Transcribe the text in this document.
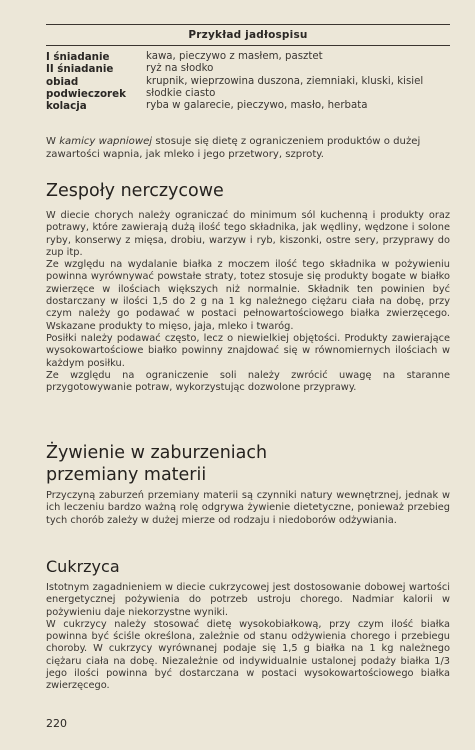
Przykład jadłospisu
I śniadanie	kawa, pieczywo z masłem, pasztet
II śniadanie	ryż na słodko
obiad	krupnik, wieprzowina duszona, ziemniaki, kluski, kisiel
podwieczorek	słodkie ciasto
kolacja	ryba w galarecie, pieczywo, masło, herbata
W kamicy wapniowej stosuje się dietę z ograniczeniem produktów o dużej zawartości wapnia, jak mleko i jego przetwory, szproty.
Zespoły nerczycowe

W diecie chorych należy ograniczać do minimum sól kuchenną i produkty oraz potrawy, które zawierają dużą ilość tego składnika, jak wędliny, wędzone i solone ryby, konserwy z mięsa, drobiu, warzyw i ryb, kiszonki, ostre sery, przyprawy do zup itp.

Ze względu na wydalanie białka z moczem ilość tego składnika w pożywieniu powinna wyrównywać powstałe straty, totez stosuje się produkty bogate w białko zwierzęce w ilościach większych niż normalnie. Składnik ten powinien być dostarczany w ilości 1,5 do 2 g na 1 kg należnego ciężaru ciała na dobę, przy czym należy go podawać w postaci pełnowartościowego białka zwierzęcego. Wskazane produkty to mięso, jaja, mleko i twaróg.

Posiłki należy podawać często, lecz o niewielkiej objętości. Produkty zawierające wysokowartościowe białko powinny znajdować się w równomiernych ilościach w każdym posiłku.

Ze względu na ograniczenie soli należy zwrócić uwagę na staranne przygotowywanie potraw, wykorzystując dozwolone przyprawy.

Żywienie w zaburzeniach
przemiany materii

Przyczyną zaburzeń przemiany materii są czynniki natury wewnętrznej, jednak w ich leczeniu bardzo ważną rolę odgrywa żywienie dietetyczne, ponieważ przebieg tych chorób zależy w dużej mierze od rodzaju i niedoborów odżywiania.

Cukrzyca

Istotnym zagadnieniem w diecie cukrzycowej jest dostosowanie dobowej wartości energetycznej pożywienia do potrzeb ustroju chorego. Nadmiar kalorii w pożywieniu daje niekorzystne wyniki.

W cukrzycy należy stosować dietę wysokobiałkową, przy czym ilość białka powinna być ściśle określona, zależnie od stanu odżywienia chorego i przebiegu choroby. W cukrzycy wyrównanej podaje się 1,5 g białka na 1 kg należnego ciężaru ciała na dobę. Niezależnie od indywidualnie ustalonej podaży białka 1/3 jego ilości powinna być dostarczana w postaci wysokowartościowego białka zwierzęcego.

220
